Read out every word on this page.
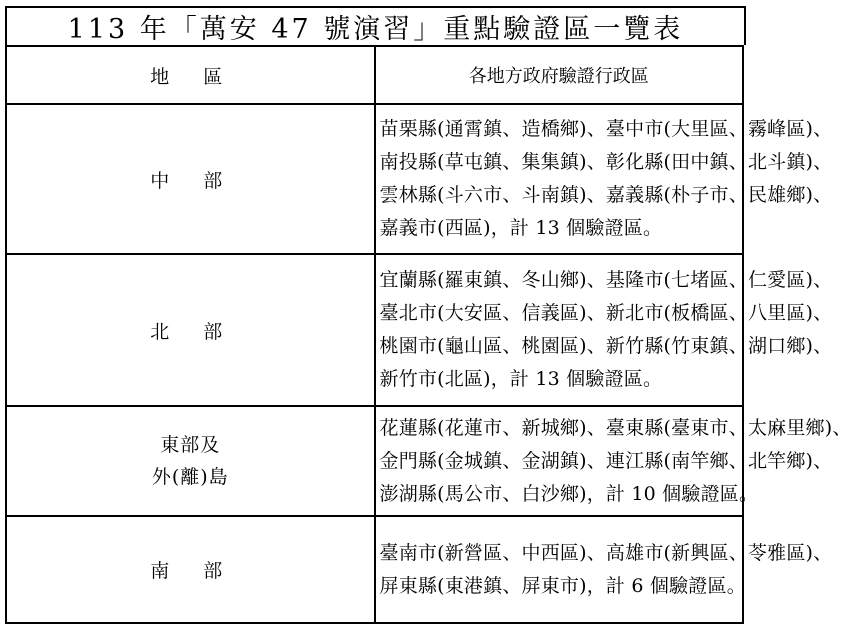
113 年「萬安 47 號演習」重點驗證區一覽表
地 區	各地方政府驗證行政區
中 部	苗栗縣(通霄鎮、造橋鄉)、臺中市(大里區、霧峰區)、
南投縣(草屯鎮、集集鎮)、彰化縣(田中鎮、北斗鎮)、
雲林縣(斗六市、斗南鎮)、嘉義縣(朴子市、民雄鄉)、
嘉義市(西區)，計 13 個驗證區。

北 部	宜蘭縣(羅東鎮、冬山鄉)、基隆市(七堵區、仁愛區)、
臺北市(大安區、信義區)、新北市(板橋區、八里區)、
桃園市(龜山區、桃園區)、新竹縣(竹東鎮、湖口鄉)、
新竹市(北區)，計 13 個驗證區。

東部及
外(離)島	花蓮縣(花蓮市、新城鄉)、臺東縣(臺東市、太麻里鄉)、
金門縣(金城鎮、金湖鎮)、連江縣(南竿鄉、北竿鄉)、
澎湖縣(馬公市、白沙鄉)，計 10 個驗證區。

南 部	臺南市(新營區、中西區)、高雄市(新興區、苓雅區)、
屏東縣(東港鎮、屏東市)，計 6 個驗證區。
